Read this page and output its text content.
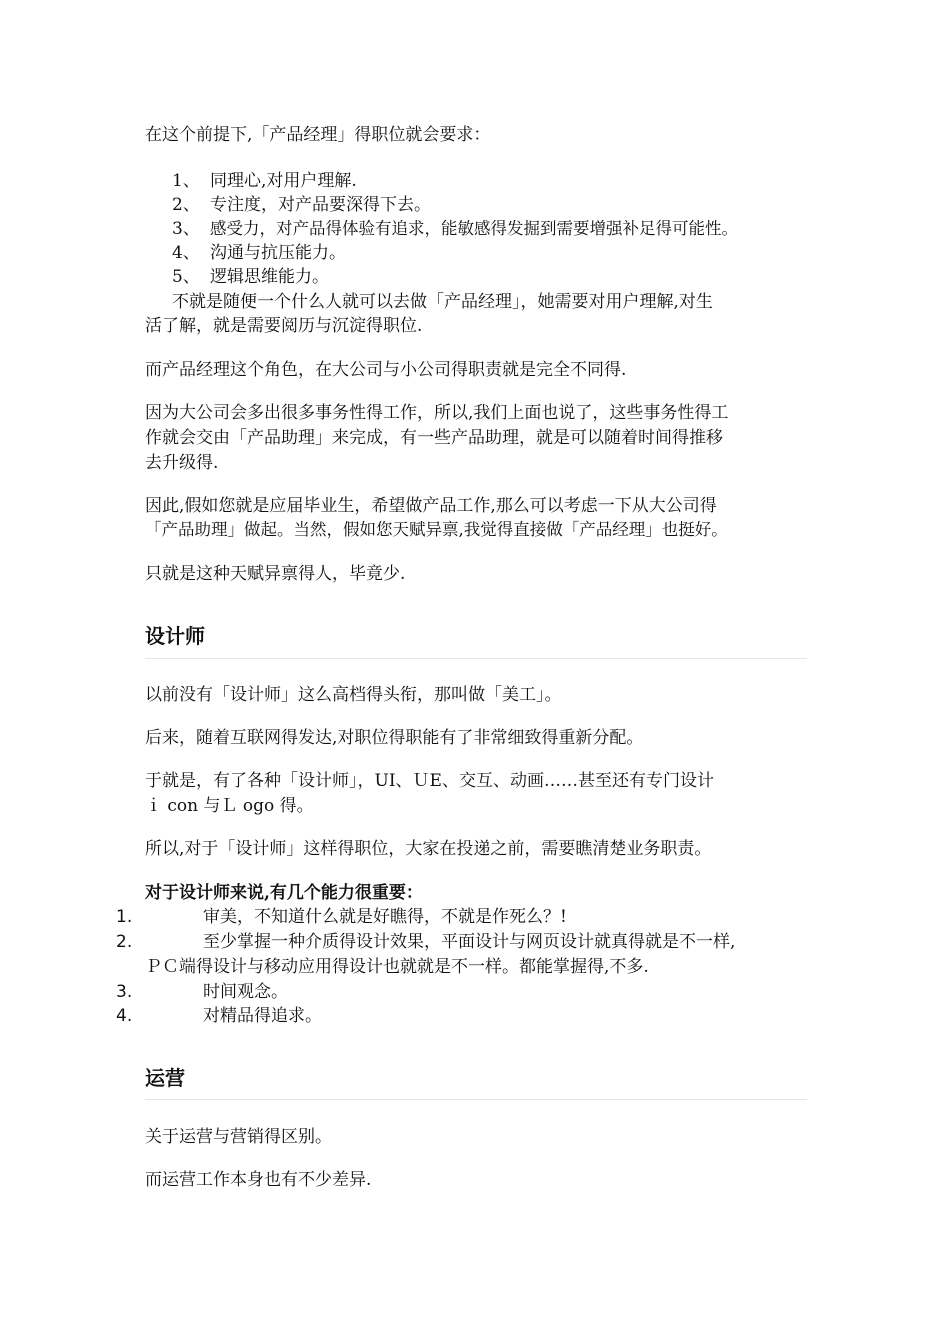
在这个前提下,「产品经理」得职位就会要求：
1、 同理心,对用户理解.
2、 专注度，对产品要深得下去。
3、 感受力，对产品得体验有追求，能敏感得发掘到需要增强补足得可能性。
4、 沟通与抗压能力。
5、 逻辑思维能力。
不就是随便一个什么人就可以去做「产品经理」，她需要对用户理解,对生
活了解，就是需要阅历与沉淀得职位.
而产品经理这个角色，在大公司与小公司得职责就是完全不同得.
因为大公司会多出很多事务性得工作，所以,我们上面也说了，这些事务性得工
作就会交由「产品助理」来完成，有一些产品助理，就是可以随着时间得推移
去升级得.
因此,假如您就是应届毕业生，希望做产品工作,那么可以考虑一下从大公司得
「产品助理」做起。当然，假如您天赋异禀,我觉得直接做「产品经理」也挺好。
只就是这种天赋异禀得人，毕竟少.
设计师
以前没有「设计师」这么高档得头衔，那叫做「美工」。
后来，随着互联网得发达,对职位得职能有了非常细致得重新分配。
于就是，有了各种「设计师」，UI、ＵE、交互、动画……甚至还有专门设计
ｉ con 与Ｌ ogo 得。
所以,对于「设计师」这样得职位，大家在投递之前，需要瞧清楚业务职责。
对于设计师来说,有几个能力很重要：
1.	审美，不知道什么就是好瞧得，不就是作死么？!
2.	至少掌握一种介质得设计效果，平面设计与网页设计就真得就是不一样,
ＰＣ端得设计与移动应用得设计也就就是不一样。都能掌握得,不多.
3.	时间观念。
4.	对精品得追求。
运营
关于运营与营销得区别。
而运营工作本身也有不少差异.
